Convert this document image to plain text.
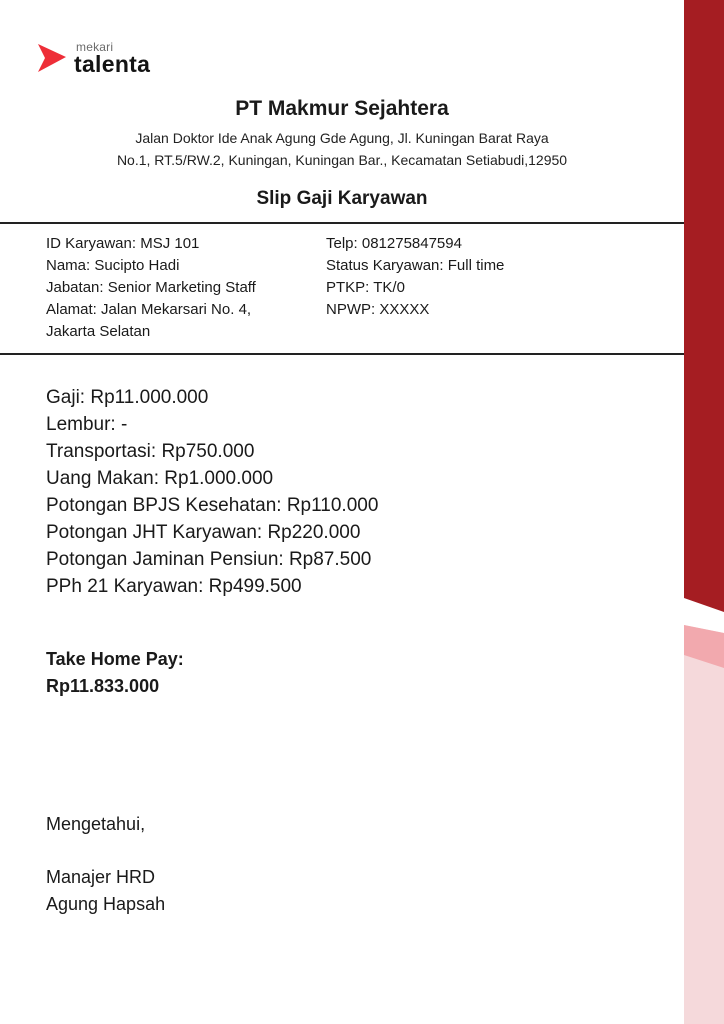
mekari
talenta
PT Makmur Sejahtera
Jalan Doktor Ide Anak Agung Gde Agung, Jl. Kuningan Barat Raya
No.1, RT.5/RW.2, Kuningan, Kuningan Bar., Kecamatan Setiabudi,12950
Slip Gaji Karyawan
ID Karyawan: MSJ 101
Nama: Sucipto Hadi
Jabatan: Senior Marketing Staff
Alamat: Jalan Mekarsari No. 4, Jakarta Selatan
Telp: 081275847594
Status Karyawan: Full time
PTKP: TK/0
NPWP: XXXXX
Gaji: Rp11.000.000
Lembur: -
Transportasi: Rp750.000
Uang Makan: Rp1.000.000
Potongan BPJS Kesehatan: Rp110.000
Potongan JHT Karyawan: Rp220.000
Potongan Jaminan Pensiun: Rp87.500
PPh 21 Karyawan: Rp499.500
Take Home Pay:
Rp11.833.000
Mengetahui,
Manajer HRD
Agung Hapsah
